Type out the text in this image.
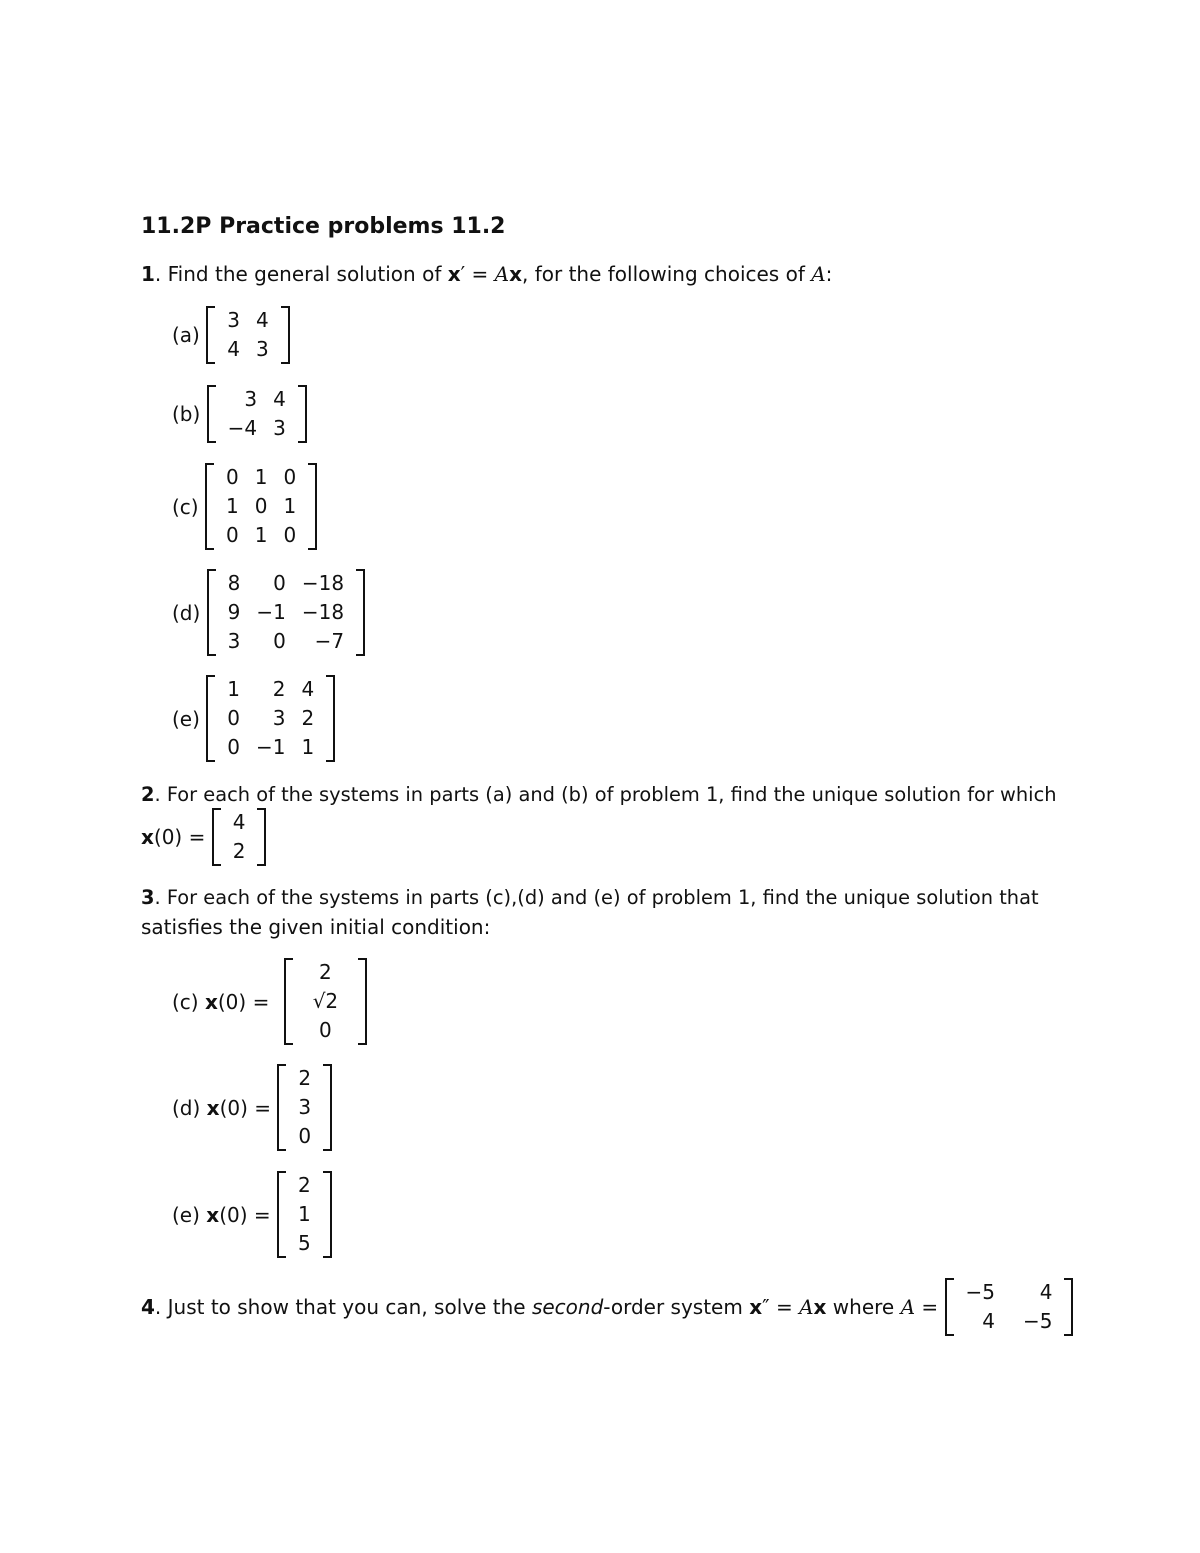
11.2P Practice problems 11.2
1. Find the general solution of x′ = Ax, for the following choices of A:
(a)
3	4
4	3
(b)
3	4
−4	3
(c)
0	1	0
1	0	1
0	1	0
(d)
8	0	−18
9	−1	−18
3	0	−7
(e)
1	2	4
0	3	2
0	−1	1
2. For each of the systems in parts (a) and (b) of problem 1, find the unique solution for which
x(0) =
4
2
3. For each of the systems in parts (c),(d) and (e) of problem 1, find the unique solution that
satisfies the given initial condition:
(c) x(0) =
2
√2
0
(d) x(0) =
2
3
0
(e) x(0) =
2
1
5
4. Just to show that you can, solve the second-order system x″ = Ax where A =
−5	4
4	−5
